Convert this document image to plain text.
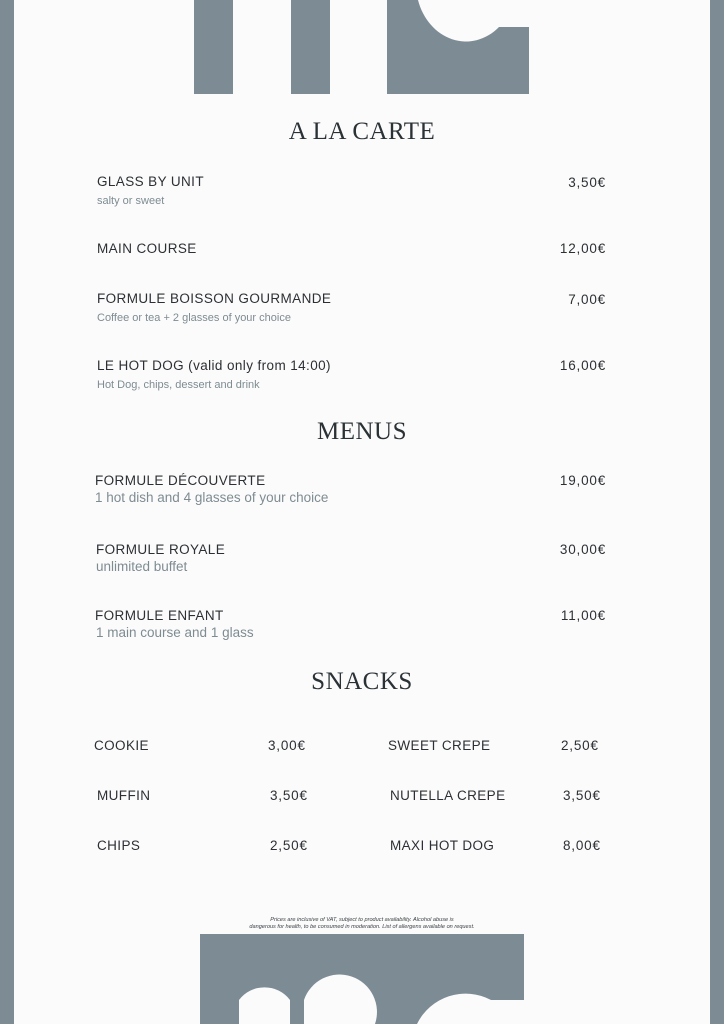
A LA CARTE
GLASS BY UNIT
salty or sweet
3,50€
MAIN COURSE	12,00€
FORMULE BOISSON GOURMANDE
Coffee or tea + 2 glasses of your choice
7,00€
LE HOT DOG (valid only from 14:00)
Hot Dog, chips, dessert and drink
16,00€
MENUS
FORMULE DÉCOUVERTE
1 hot dish and 4 glasses of your choice
19,00€
FORMULE ROYALE
unlimited buffet
30,00€
FORMULE ENFANT
1 main course and 1 glass
11,00€
SNACKS
COOKIE	3,00€	SWEET CREPE	2,50€
MUFFIN	3,50€	NUTELLA CREPE	3,50€
CHIPS	2,50€	MAXI HOT DOG	8,00€
Prices are inclusive of VAT, subject to product availability. Alcohol abuse is
dangerous for health, to be consumed in moderation. List of allergens available on request.
